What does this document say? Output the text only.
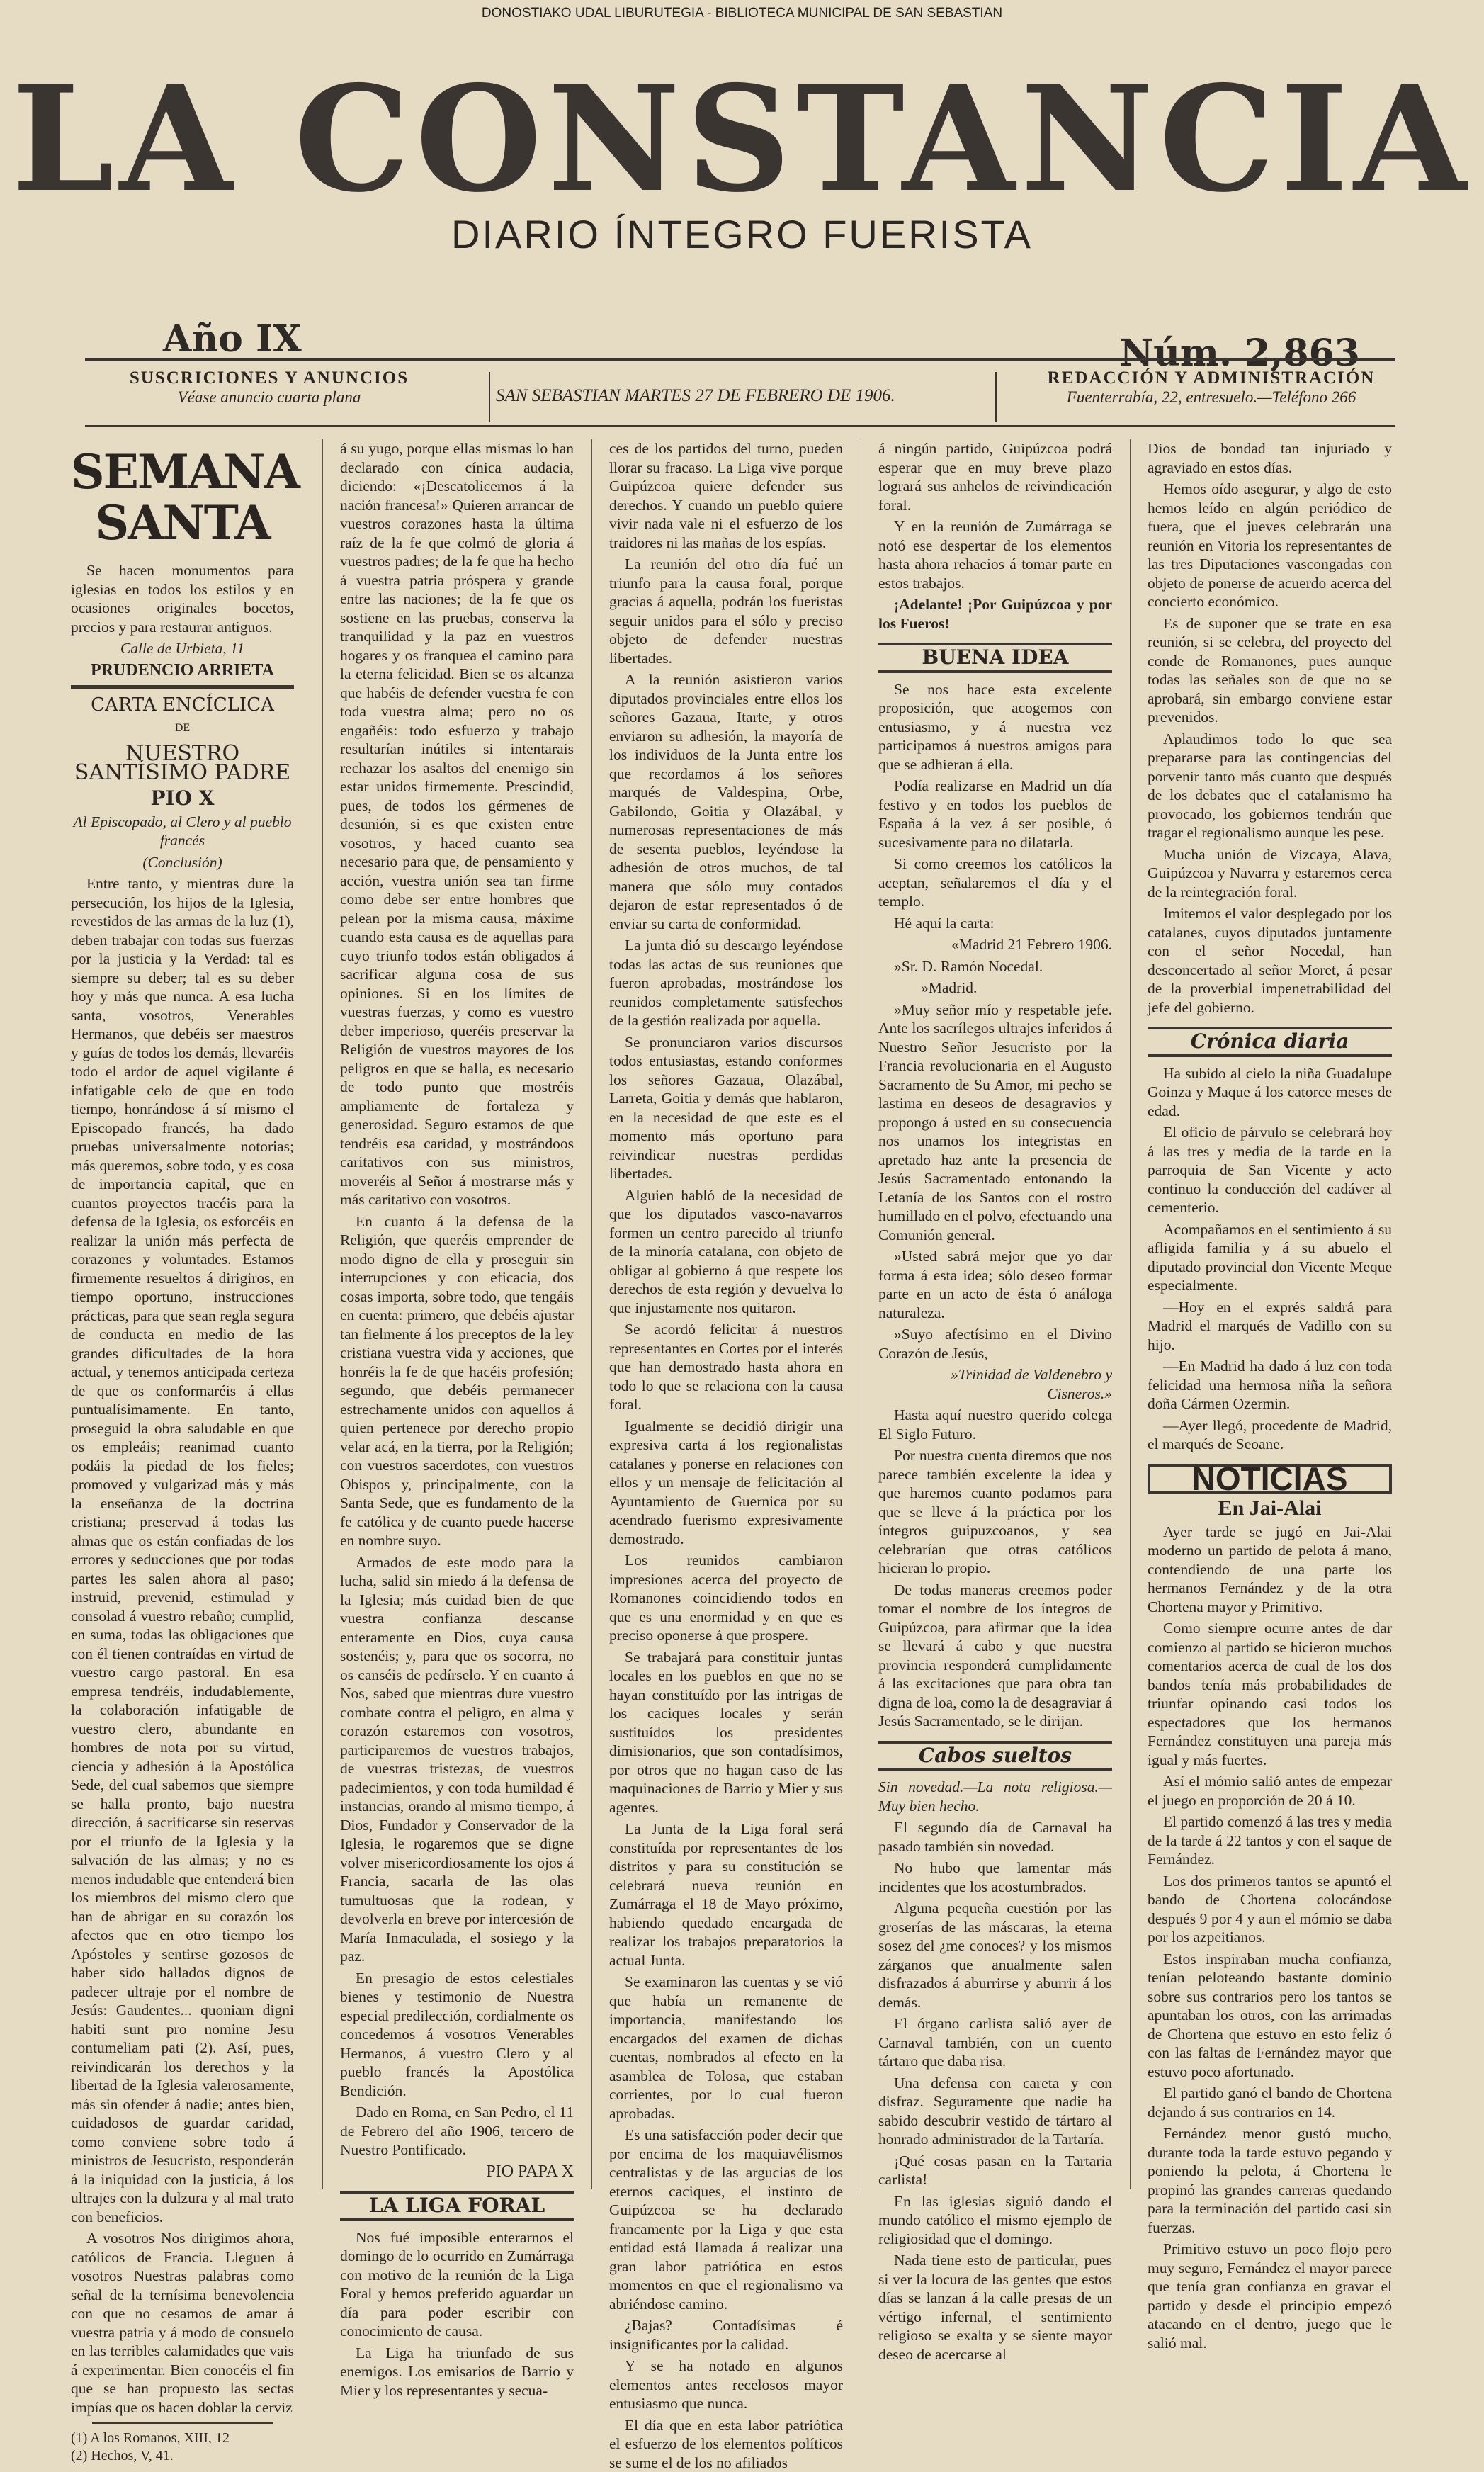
DONOSTIAKO UDAL LIBURUTEGIA - BIBLIOTECA MUNICIPAL DE SAN SEBASTIAN
LA CONSTANCIA
DIARIO ÍNTEGRO FUERISTA
Año IX	Núm. 2,863
SUSCRICIONES Y ANUNCIOS
Véase anuncio cuarta plana	SAN SEBASTIAN MARTES 27 DE FEBRERO DE 1906.
REDACCIÓN Y ADMINISTRACIÓN
Fuenterrabía, 22, entresuelo.—Teléfono 266
SEMANA SANTA

Se hacen monumentos para iglesias en todos los estilos y en ocasiones originales bocetos, precios y para restaurar antiguos.

Calle de Urbieta, 11

PRUDENCIO ARRIETA

CARTA ENCÍCLICA

DE

NUESTRO SANTÍSIMO PADRE
PIO X

Al Episcopado, al Clero y al pueblo francés

(Conclusión)

Entre tanto, y mientras dure la persecución, los hijos de la Iglesia, revestidos de las armas de la luz (1), deben trabajar con todas sus fuerzas por la justicia y la Verdad: tal es siempre su deber; tal es su deber hoy y más que nunca. A esa lucha santa, vosotros, Venerables Hermanos, que debéis ser maestros y guías de todos los demás, llevaréis todo el ardor de aquel vigilante é infatigable celo de que en todo tiempo, honrándose á sí mismo el Episcopado francés, ha dado pruebas universalmente notorias; más queremos, sobre todo, y es cosa de importancia capital, que en cuantos proyectos tracéis para la defensa de la Iglesia, os esforcéis en realizar la unión más perfecta de corazones y voluntades. Estamos firmemente resueltos á dirigiros, en tiempo oportuno, instrucciones prácticas, para que sean regla segura de conducta en medio de las grandes dificultades de la hora actual, y tenemos anticipada certeza de que os conformaréis á ellas puntualísimamente. En tanto, proseguid la obra saludable en que os empleáis; reanimad cuanto podáis la piedad de los fieles; promoved y vulgarizad más y más la enseñanza de la doctrina cristiana; preservad á todas las almas que os están confiadas de los errores y seducciones que por todas partes les salen ahora al paso; instruid, prevenid, estimulad y consolad á vuestro rebaño; cumplid, en suma, todas las obligaciones que con él tienen contraídas en virtud de vuestro cargo pastoral. En esa empresa tendréis, indudablemente, la colaboración infatigable de vuestro clero, abundante en hombres de nota por su virtud, ciencia y adhesión á la Apostólica Sede, del cual sabemos que siempre se halla pronto, bajo nuestra dirección, á sacrificarse sin reservas por el triunfo de la Iglesia y la salvación de las almas; y no es menos indudable que entenderá bien los miembros del mismo clero que han de abrigar en su corazón los afectos que en otro tiempo los Apóstoles y sentirse gozosos de haber sido hallados dignos de padecer ultraje por el nombre de Jesús: Gaudentes... quoniam digni habiti sunt pro nomine Jesu contumeliam pati (2). Así, pues, reivindicarán los derechos y la libertad de la Iglesia valerosamente, más sin ofender á nadie; antes bien, cuidadosos de guardar caridad, como conviene sobre todo á ministros de Jesucristo, responderán á la iniquidad con la justicia, á los ultrajes con la dulzura y al mal trato con beneficios.

A vosotros Nos dirigimos ahora, católicos de Francia. Lleguen á vosotros Nuestras palabras como señal de la ternísima benevolencia con que no cesamos de amar á vuestra patria y á modo de consuelo en las terribles calamidades que vais á experimentar. Bien conocéis el fin que se han propuesto las sectas impías que os hacen doblar la cerviz

(1) A los Romanos, XIII, 12
(2) Hechos, V, 41.

á su yugo, porque ellas mismas lo han declarado con cínica audacia, diciendo: «¡Descatolicemos á la nación francesa!» Quieren arrancar de vuestros corazones hasta la última raíz de la fe que colmó de gloria á vuestros padres; de la fe que ha hecho á vuestra patria próspera y grande entre las naciones; de la fe que os sostiene en las pruebas, conserva la tranquilidad y la paz en vuestros hogares y os franquea el camino para la eterna felicidad. Bien se os alcanza que habéis de defender vuestra fe con toda vuestra alma; pero no os engañéis: todo esfuerzo y trabajo resultarían inútiles si intentarais rechazar los asaltos del enemigo sin estar unidos firmemente. Prescindid, pues, de todos los gérmenes de desunión, si es que existen entre vosotros, y haced cuanto sea necesario para que, de pensamiento y acción, vuestra unión sea tan firme como debe ser entre hombres que pelean por la misma causa, máxime cuando esta causa es de aquellas para cuyo triunfo todos están obligados á sacrificar alguna cosa de sus opiniones. Si en los límites de vuestras fuerzas, y como es vuestro deber imperioso, queréis preservar la Religión de vuestros mayores de los peligros en que se halla, es necesario de todo punto que mostréis ampliamente de fortaleza y generosidad. Seguro estamos de que tendréis esa caridad, y mostrándoos caritativos con sus ministros, moveréis al Señor á mostrarse más y más caritativo con vosotros.

En cuanto á la defensa de la Religión, que queréis emprender de modo digno de ella y proseguir sin interrupciones y con eficacia, dos cosas importa, sobre todo, que tengáis en cuenta: primero, que debéis ajustar tan fielmente á los preceptos de la ley cristiana vuestra vida y acciones, que honréis la fe de que hacéis profesión; segundo, que debéis permanecer estrechamente unidos con aquellos á quien pertenece por derecho propio velar acá, en la tierra, por la Religión; con vuestros sacerdotes, con vuestros Obispos y, principalmente, con la Santa Sede, que es fundamento de la fe católica y de cuanto puede hacerse en nombre suyo.

Armados de este modo para la lucha, salid sin miedo á la defensa de la Iglesia; más cuidad bien de que vuestra confianza descanse enteramente en Dios, cuya causa sostenéis; y, para que os socorra, no os canséis de pedírselo. Y en cuanto á Nos, sabed que mientras dure vuestro combate contra el peligro, en alma y corazón estaremos con vosotros, participaremos de vuestros trabajos, de vuestras tristezas, de vuestros padecimientos, y con toda humildad é instancias, orando al mismo tiempo, á Dios, Fundador y Conservador de la Iglesia, le rogaremos que se digne volver misericordiosamente los ojos á Francia, sacarla de las olas tumultuosas que la rodean, y devolverla en breve por intercesión de María Inmaculada, el sosiego y la paz.

En presagio de estos celestiales bienes y testimonio de Nuestra especial predilección, cordialmente os concedemos á vosotros Venerables Hermanos, á vuestro Clero y al pueblo francés la Apostólica Bendición.

Dado en Roma, en San Pedro, el 11 de Febrero del año 1906, tercero de Nuestro Pontificado.

PIO PAPA X

LA LIGA FORAL

Nos fué imposible enterarnos el domingo de lo ocurrido en Zumárraga con motivo de la reunión de la Liga Foral y hemos preferido aguardar un día para poder escribir con conocimiento de causa.

La Liga ha triunfado de sus enemigos. Los emisarios de Barrio y Mier y los representantes y secua-

ces de los partidos del turno, pueden llorar su fracaso. La Liga vive porque Guipúzcoa quiere defender sus derechos. Y cuando un pueblo quiere vivir nada vale ni el esfuerzo de los traidores ni las mañas de los espías.

La reunión del otro día fué un triunfo para la causa foral, porque gracias á aquella, podrán los fueristas seguir unidos para el sólo y preciso objeto de defender nuestras libertades.

A la reunión asistieron varios diputados provinciales entre ellos los señores Gazaua, Itarte, y otros enviaron su adhesión, la mayoría de los individuos de la Junta entre los que recordamos á los señores marqués de Valdespina, Orbe, Gabilondo, Goitia y Olazábal, y numerosas representaciones de más de sesenta pueblos, leyéndose la adhesión de otros muchos, de tal manera que sólo muy contados dejaron de estar representados ó de enviar su carta de conformidad.

La junta dió su descargo leyéndose todas las actas de sus reuniones que fueron aprobadas, mostrándose los reunidos completamente satisfechos de la gestión realizada por aquella.

Se pronunciaron varios discursos todos entusiastas, estando conformes los señores Gazaua, Olazábal, Larreta, Goitia y demás que hablaron, en la necesidad de que este es el momento más oportuno para reivindicar nuestras perdidas libertades.

Alguien habló de la necesidad de que los diputados vasco-navarros formen un centro parecido al triunfo de la minoría catalana, con objeto de obligar al gobierno á que respete los derechos de esta región y devuelva lo que injustamente nos quitaron.

Se acordó felicitar á nuestros representantes en Cortes por el interés que han demostrado hasta ahora en todo lo que se relaciona con la causa foral.

Igualmente se decidió dirigir una expresiva carta á los regionalistas catalanes y ponerse en relaciones con ellos y un mensaje de felicitación al Ayuntamiento de Guernica por su acendrado fuerismo expresivamente demostrado.

Los reunidos cambiaron impresiones acerca del proyecto de Romanones coincidiendo todos en que es una enormidad y en que es preciso oponerse á que prospere.

Se trabajará para constituir juntas locales en los pueblos en que no se hayan constituído por las intrigas de los caciques locales y serán sustituídos los presidentes dimisionarios, que son contadísimos, por otros que no hagan caso de las maquinaciones de Barrio y Mier y sus agentes.

La Junta de la Liga foral será constituída por representantes de los distritos y para su constitución se celebrará nueva reunión en Zumárraga el 18 de Mayo próximo, habiendo quedado encargada de realizar los trabajos preparatorios la actual Junta.

Se examinaron las cuentas y se vió que había un remanente de importancia, manifestando los encargados del examen de dichas cuentas, nombrados al efecto en la asamblea de Tolosa, que estaban corrientes, por lo cual fueron aprobadas.

Es una satisfacción poder decir que por encima de los maquiavélismos centralistas y de las argucias de los eternos caciques, el instinto de Guipúzcoa se ha declarado francamente por la Liga y que esta entidad está llamada á realizar una gran labor patriótica en estos momentos en que el regionalismo va abriéndose camino.

¿Bajas? Contadísimas é insignificantes por la calidad.

Y se ha notado en algunos elementos antes recelosos mayor entusiasmo que nunca.

El día que en esta labor patriótica el esfuerzo de los elementos políticos se sume el de los no afiliados

á ningún partido, Guipúzcoa podrá esperar que en muy breve plazo logrará sus anhelos de reivindicación foral.

Y en la reunión de Zumárraga se notó ese despertar de los elementos hasta ahora rehacios á tomar parte en estos trabajos.

¡Adelante! ¡Por Guipúzcoa y por los Fueros!

BUENA IDEA

Se nos hace esta excelente proposición, que acogemos con entusiasmo, y á nuestra vez participamos á nuestros amigos para que se adhieran á ella.

Podía realizarse en Madrid un día festivo y en todos los pueblos de España á la vez á ser posible, ó sucesivamente para no dilatarla.

Si como creemos los católicos la aceptan, señalaremos el día y el templo.

Hé aquí la carta:

«Madrid 21 Febrero 1906.

»Sr. D. Ramón Nocedal.

»Madrid.

»Muy señor mío y respetable jefe. Ante los sacrílegos ultrajes inferidos á Nuestro Señor Jesucristo por la Francia revolucionaria en el Augusto Sacramento de Su Amor, mi pecho se lastima en deseos de desagravios y propongo á usted en su consecuencia nos unamos los integristas en apretado haz ante la presencia de Jesús Sacramentado entonando la Letanía de los Santos con el rostro humillado en el polvo, efectuando una Comunión general.

»Usted sabrá mejor que yo dar forma á esta idea; sólo deseo formar parte en un acto de ésta ó análoga naturaleza.

»Suyo afectísimo en el Divino Corazón de Jesús,

»Trinidad de Valdenebro y Cisneros.»

Hasta aquí nuestro querido colega El Siglo Futuro.

Por nuestra cuenta diremos que nos parece también excelente la idea y que haremos cuanto podamos para que se lleve á la práctica por los íntegros guipuzcoanos, y sea celebrarían que otras católicos hicieran lo propio.

De todas maneras creemos poder tomar el nombre de los íntegros de Guipúzcoa, para afirmar que la idea se llevará á cabo y que nuestra provincia responderá cumplidamente á las excitaciones que para obra tan digna de loa, como la de desagraviar á Jesús Sacramentado, se le dirijan.

Cabos sueltos

Sin novedad.—La nota religiosa.—Muy bien hecho.

El segundo día de Carnaval ha pasado también sin novedad.

No hubo que lamentar más incidentes que los acostumbrados.

Alguna pequeña cuestión por las groserías de las máscaras, la eterna sosez del ¿me conoces? y los mismos zárganos que anualmente salen disfrazados á aburrirse y aburrir á los demás.

El órgano carlista salió ayer de Carnaval también, con un cuento tártaro que daba risa.

Una defensa con careta y con disfraz. Seguramente que nadie ha sabido descubrir vestido de tártaro al honrado administrador de la Tartaría.

¡Qué cosas pasan en la Tartaria carlista!

En las iglesias siguió dando el mundo católico el mismo ejemplo de religiosidad que el domingo.

Nada tiene esto de particular, pues si ver la locura de las gentes que estos días se lanzan á la calle presas de un vértigo infernal, el sentimiento religioso se exalta y se siente mayor deseo de acercarse al

Dios de bondad tan injuriado y agraviado en estos días.

Hemos oído asegurar, y algo de esto hemos leído en algún periódico de fuera, que el jueves celebrarán una reunión en Vitoria los representantes de las tres Diputaciones vascongadas con objeto de ponerse de acuerdo acerca del concierto económico.

Es de suponer que se trate en esa reunión, si se celebra, del proyecto del conde de Romanones, pues aunque todas las señales son de que no se aprobará, sin embargo conviene estar prevenidos.

Aplaudimos todo lo que sea prepararse para las contingencias del porvenir tanto más cuanto que después de los debates que el catalanismo ha provocado, los gobiernos tendrán que tragar el regionalismo aunque les pese.

Mucha unión de Vizcaya, Alava, Guipúzcoa y Navarra y estaremos cerca de la reintegración foral.

Imitemos el valor desplegado por los catalanes, cuyos diputados juntamente con el señor Nocedal, han desconcertado al señor Moret, á pesar de la proverbial impenetrabilidad del jefe del gobierno.

Crónica diaria

Ha subido al cielo la niña Guadalupe Goinza y Maque á los catorce meses de edad.

El oficio de párvulo se celebrará hoy á las tres y media de la tarde en la parroquia de San Vicente y acto continuo la conducción del cadáver al cementerio.

Acompañamos en el sentimiento á su afligida familia y á su abuelo el diputado provincial don Vicente Meque especialmente.

—Hoy en el exprés saldrá para Madrid el marqués de Vadillo con su hijo.

—En Madrid ha dado á luz con toda felicidad una hermosa niña la señora doña Cármen Ozermin.

—Ayer llegó, procedente de Madrid, el marqués de Seoane.

NOTICIAS
En Jai-Alai

Ayer tarde se jugó en Jai-Alai moderno un partido de pelota á mano, contendiendo de una parte los hermanos Fernández y de la otra Chortena mayor y Primitivo.

Como siempre ocurre antes de dar comienzo al partido se hicieron muchos comentarios acerca de cual de los dos bandos tenía más probabilidades de triunfar opinando casi todos los espectadores que los hermanos Fernández constituyen una pareja más igual y más fuertes.

Así el mómio salió antes de empezar el juego en proporción de 20 á 10.

El partido comenzó á las tres y media de la tarde á 22 tantos y con el saque de Fernández.

Los dos primeros tantos se apuntó el bando de Chortena colocándose después 9 por 4 y aun el mómio se daba por los azpeitianos.

Estos inspiraban mucha confianza, tenían peloteando bastante dominio sobre sus contrarios pero los tantos se apuntaban los otros, con las arrimadas de Chortena que estuvo en esto feliz ó con las faltas de Fernández mayor que estuvo poco afortunado.

El partido ganó el bando de Chortena dejando á sus contrarios en 14.

Fernández menor gustó mucho, durante toda la tarde estuvo pegando y poniendo la pelota, á Chortena le propinó las grandes carreras quedando para la terminación del partido casi sin fuerzas.

Primitivo estuvo un poco flojo pero muy seguro, Fernández el mayor parece que tenía gran confianza en gravar el partido y desde el principio empezó atacando en el dentro, juego que le salió mal.
